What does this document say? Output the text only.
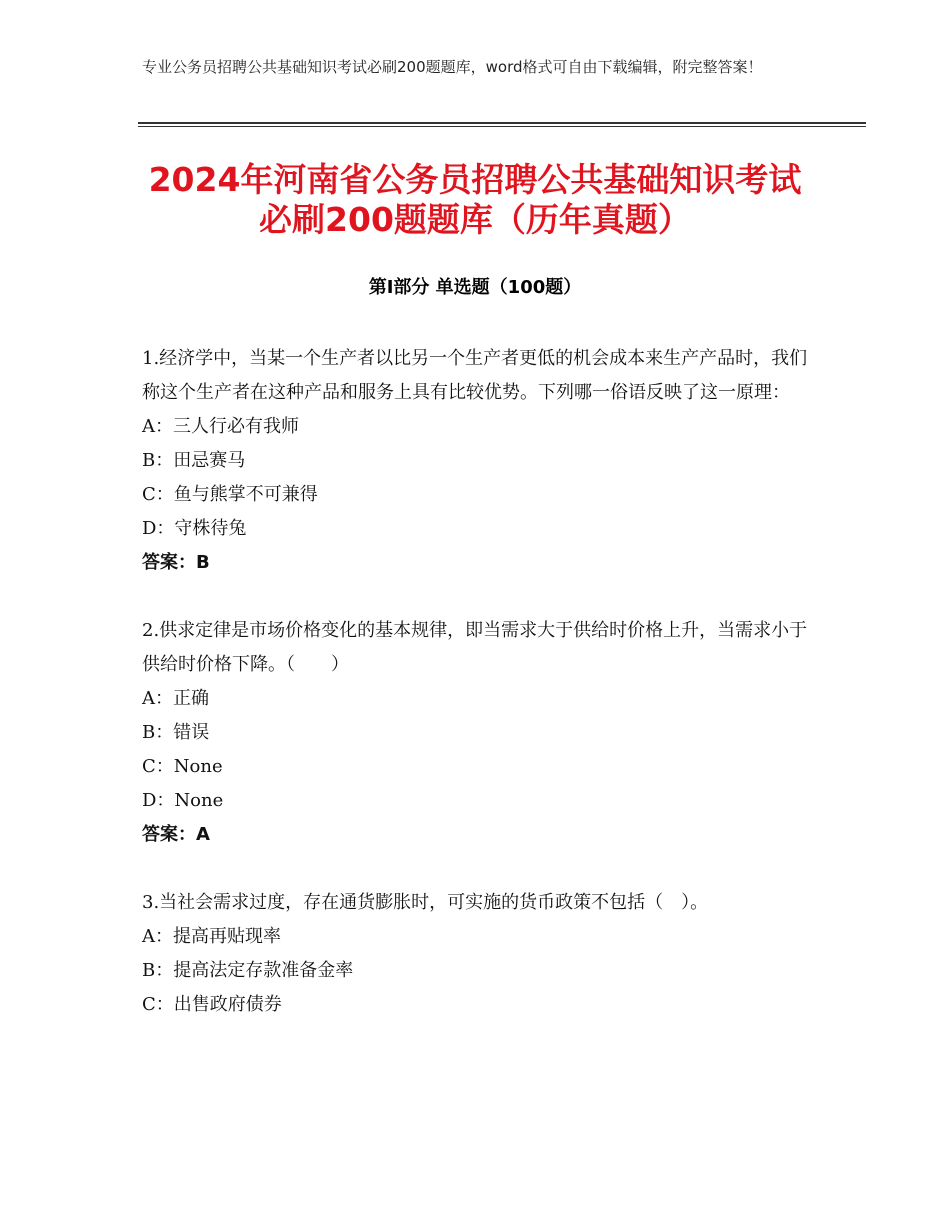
专业公务员招聘公共基础知识考试必刷200题题库，word格式可自由下载编辑，附完整答案！
2024年河南省公务员招聘公共基础知识考试
必刷200题题库（历年真题）
第Ⅰ部分 单选题（100题）
1.经济学中，当某一个生产者以比另一个生产者更低的机会成本来生产产品时，我们称这个生产者在这种产品和服务上具有比较优势。下列哪一俗语反映了这一原理：
A：三人行必有我师
B：田忌赛马
C：鱼与熊掌不可兼得
D：守株待兔
答案：B
2.供求定律是市场价格变化的基本规律，即当需求大于供给时价格上升，当需求小于供给时价格下降。（　　）
A：正确
B：错误
C：None
D：None
答案：A
3.当社会需求过度，存在通货膨胀时，可实施的货币政策不包括（　）。
A：提高再贴现率
B：提高法定存款准备金率
C：出售政府债券
